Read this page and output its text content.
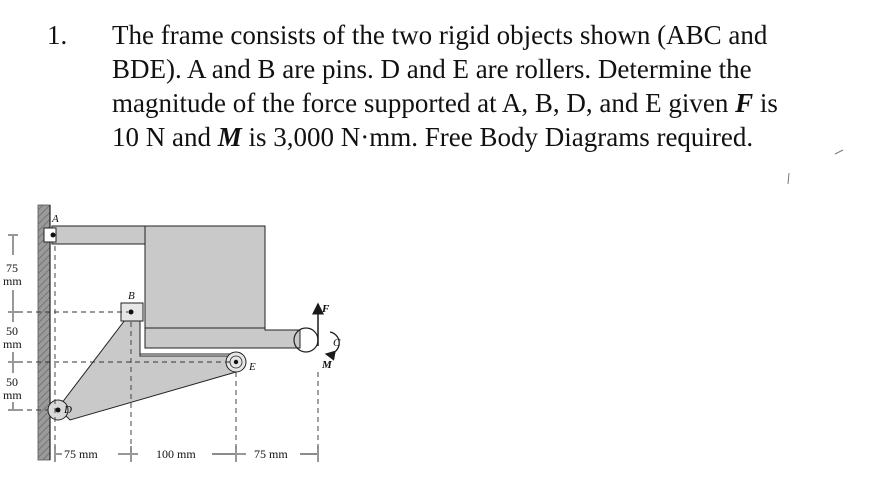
1. The frame consists of the two rigid objects shown (ABC and
BDE). A and B are pins. D and E are rollers. Determine the
magnitude of the force supported at A, B, D, and E given F is
10 N and M is 3,000 N·mm. Free Body Diagrams required.
A
B
D
E
F
C
M
75
mm
50
mm
50
mm
75 mm	100 mm	75 mm
